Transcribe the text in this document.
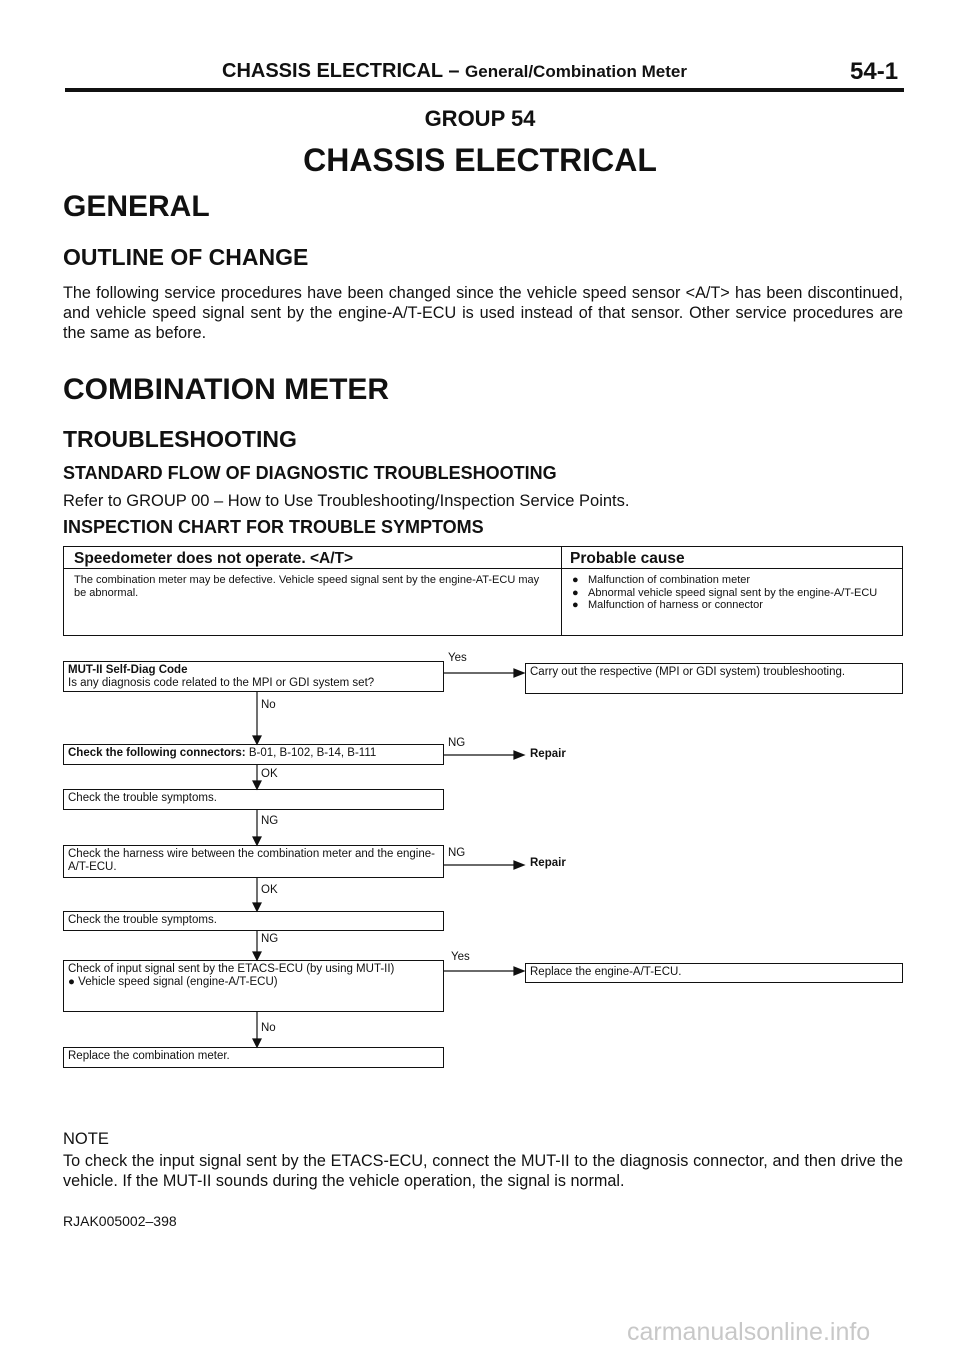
CHASSIS ELECTRICAL – General/Combination Meter	54-1
GROUP 54
CHASSIS ELECTRICAL
GENERAL
OUTLINE OF CHANGE
The following service procedures have been changed since the vehicle speed sensor <A/T> has been discontinued, and vehicle speed signal sent by the engine-A/T-ECU is used instead of that sensor. Other service procedures are the same as before.
COMBINATION METER
TROUBLESHOOTING
STANDARD FLOW OF DIAGNOSTIC TROUBLESHOOTING
Refer to GROUP 00 – How to Use Troubleshooting/Inspection Service Points.
INSPECTION CHART FOR TROUBLE SYMPTOMS
Speedometer does not operate. <A/T>	Probable cause
The combination meter may be defective. Vehicle speed signal sent by the engine-AT-ECU may be abnormal.
● Malfunction of combination meter
● Abnormal vehicle speed signal sent by the engine-A/T-ECU
● Malfunction of harness or connector
MUT-II Self-Diag Code
Is any diagnosis code related to the MPI or GDI system set?
Yes
Carry out the respective (MPI or GDI system) troubleshooting.
No
Check the following connectors: B-01, B-102, B-14, B-111
NG
Repair
OK
Check the trouble symptoms.
NG
Check the harness wire between the combination meter and the engine-A/T-ECU.
NG
Repair
OK
Check the trouble symptoms.
NG
Check of input signal sent by the ETACS-ECU (by using MUT-II)
● Vehicle speed signal (engine-A/T-ECU)
Yes
Replace the engine-A/T-ECU.
No
Replace the combination meter.
NOTE
To check the input signal sent by the ETACS-ECU, connect the MUT-II to the diagnosis connector, and then drive the vehicle. If the MUT-II sounds during the vehicle operation, the signal is normal.
RJAK005002–398
carmanualsonline.info
